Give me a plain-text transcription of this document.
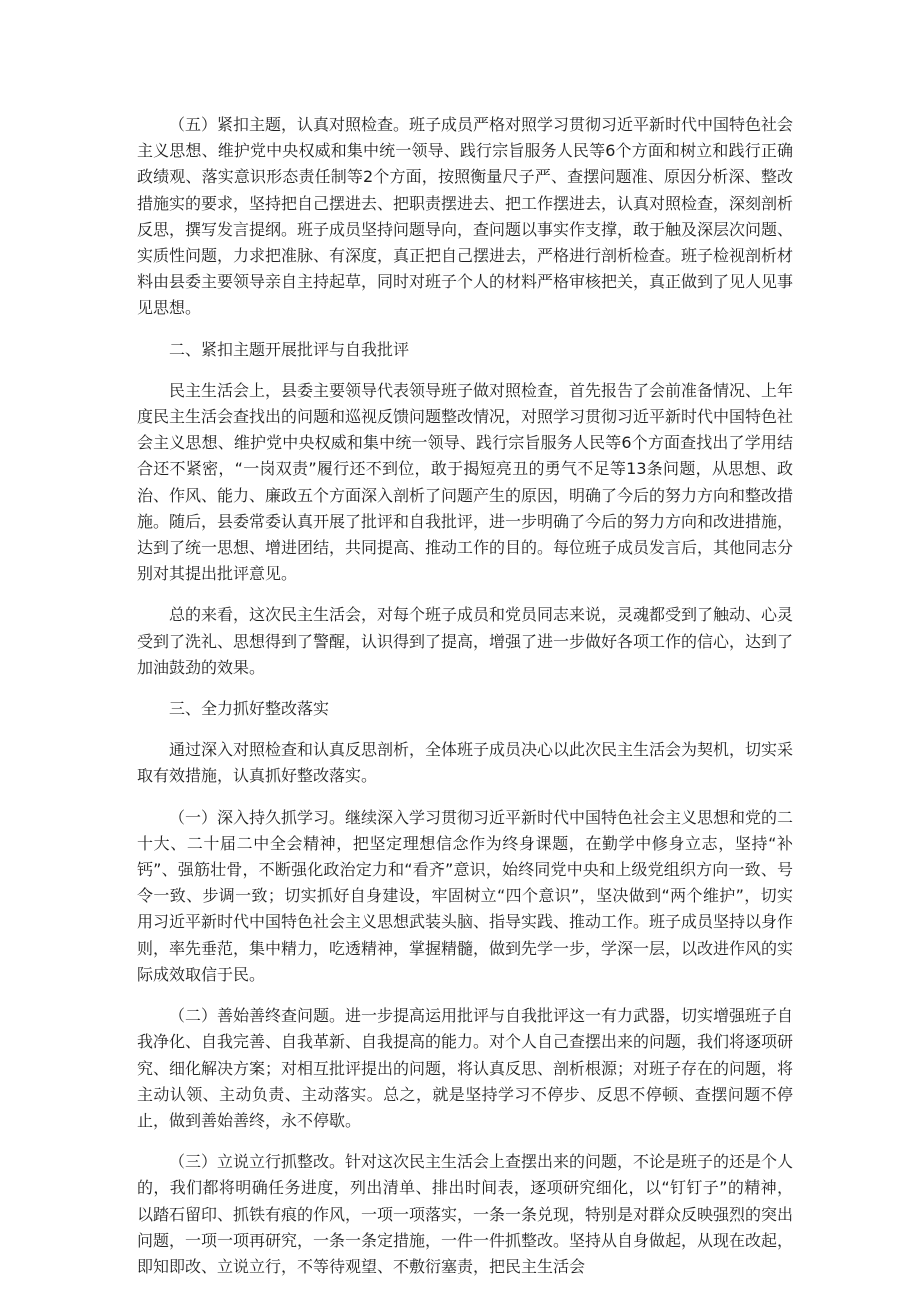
（五）紧扣主题，认真对照检查。班子成员严格对照学习贯彻习近平新时代中国特色社会主义思想、维护党中央权威和集中统一领导、践行宗旨服务人民等6个方面和树立和践行正确政绩观、落实意识形态责任制等2个方面，按照衡量尺子严、查摆问题准、原因分析深、整改措施实的要求，坚持把自己摆进去、把职责摆进去、把工作摆进去，认真对照检查，深刻剖析反思，撰写发言提纲。班子成员坚持问题导向，查问题以事实作支撑，敢于触及深层次问题、实质性问题，力求把准脉、有深度，真正把自己摆进去，严格进行剖析检查。班子检视剖析材料由县委主要领导亲自主持起草，同时对班子个人的材料严格审核把关，真正做到了见人见事见思想。

二、紧扣主题开展批评与自我批评

民主生活会上，县委主要领导代表领导班子做对照检查，首先报告了会前准备情况、上年度民主生活会查找出的问题和巡视反馈问题整改情况，对照学习贯彻习近平新时代中国特色社会主义思想、维护党中央权威和集中统一领导、践行宗旨服务人民等6个方面查找出了学用结合还不紧密，“一岗双责”履行还不到位，敢于揭短亮丑的勇气不足等13条问题，从思想、政治、作风、能力、廉政五个方面深入剖析了问题产生的原因，明确了今后的努力方向和整改措施。随后，县委常委认真开展了批评和自我批评，进一步明确了今后的努力方向和改进措施，达到了统一思想、增进团结，共同提高、推动工作的目的。每位班子成员发言后，其他同志分别对其提出批评意见。

总的来看，这次民主生活会，对每个班子成员和党员同志来说，灵魂都受到了触动、心灵受到了洗礼、思想得到了警醒，认识得到了提高，增强了进一步做好各项工作的信心，达到了加油鼓劲的效果。

三、全力抓好整改落实

通过深入对照检查和认真反思剖析，全体班子成员决心以此次民主生活会为契机，切实采取有效措施，认真抓好整改落实。

（一）深入持久抓学习。继续深入学习贯彻习近平新时代中国特色社会主义思想和党的二十大、二十届二中全会精神，把坚定理想信念作为终身课题，在勤学中修身立志，坚持“补钙”、强筋壮骨，不断强化政治定力和“看齐”意识，始终同党中央和上级党组织方向一致、号令一致、步调一致；切实抓好自身建设，牢固树立“四个意识”，坚决做到“两个维护”，切实用习近平新时代中国特色社会主义思想武装头脑、指导实践、推动工作。班子成员坚持以身作则，率先垂范，集中精力，吃透精神，掌握精髓，做到先学一步，学深一层，以改进作风的实际成效取信于民。

（二）善始善终查问题。进一步提高运用批评与自我批评这一有力武器，切实增强班子自我净化、自我完善、自我革新、自我提高的能力。对个人自己查摆出来的问题，我们将逐项研究、细化解决方案；对相互批评提出的问题，将认真反思、剖析根源；对班子存在的问题，将主动认领、主动负责、主动落实。总之，就是坚持学习不停步、反思不停顿、查摆问题不停止，做到善始善终，永不停歇。

（三）立说立行抓整改。针对这次民主生活会上查摆出来的问题，不论是班子的还是个人的，我们都将明确任务进度，列出清单、排出时间表，逐项研究细化，以“钉钉子”的精神，以踏石留印、抓铁有痕的作风，一项一项落实，一条一条兑现，特别是对群众反映强烈的突出问题，一项一项再研究，一条一条定措施，一件一件抓整改。坚持从自身做起，从现在改起，即知即改、立说立行，不等待观望、不敷衍塞责，把民主生活会
